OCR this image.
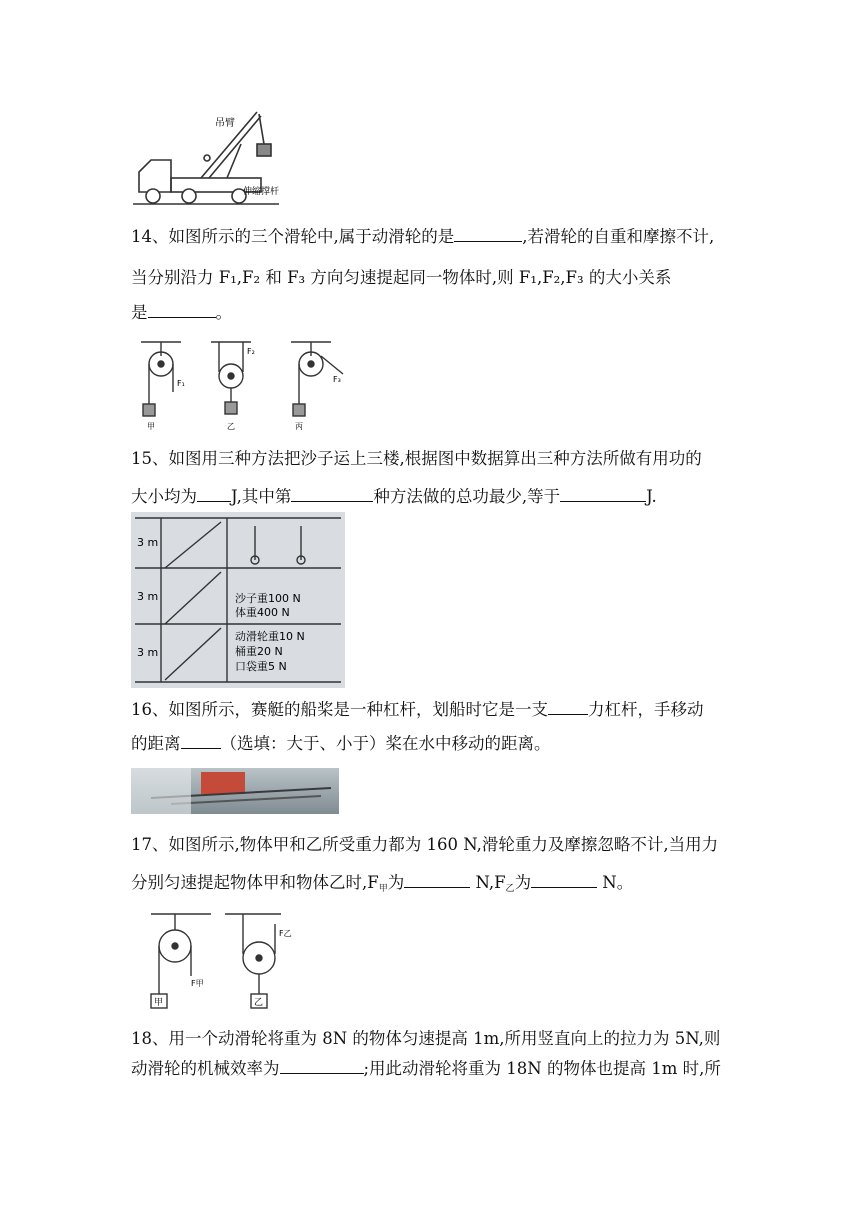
吊臂
伸缩撑杆
14、如图所示的三个滑轮中,属于动滑轮的是	,若滑轮的自重和摩擦不计,
当分别沿力 F₁,F₂ 和 F₃ 方向匀速提起同一物体时,则 F₁,F₂,F₃ 的大小关系
是	。
甲	乙	丙
F₁
F₂
F₃
15、如图用三种方法把沙子运上三楼,根据图中数据算出三种方法所做有用功的
大小均为 J,其中第	种方法做的总功最少,等于	J.
3 m
3 m
3 m
沙子重100 N
体重400 N
动滑轮重10 N
桶重20 N
口袋重5 N
16、如图所示，赛艇的船桨是一种杠杆，划船时它是一支 力杠杆，手移动
的距离 （选填：大于、小于）桨在水中移动的距离。
17、如图所示,物体甲和乙所受重力都为 160 N,滑轮重力及摩擦忽略不计,当用力
分别匀速提起物体甲和物体乙时,F甲为	N,F乙为	N。
甲	乙
F甲
F乙
18、用一个动滑轮将重为 8N 的物体匀速提高 1m,所用竖直向上的拉力为 5N,则
动滑轮的机械效率为	;用此动滑轮将重为 18N 的物体也提高 1m 时,所
